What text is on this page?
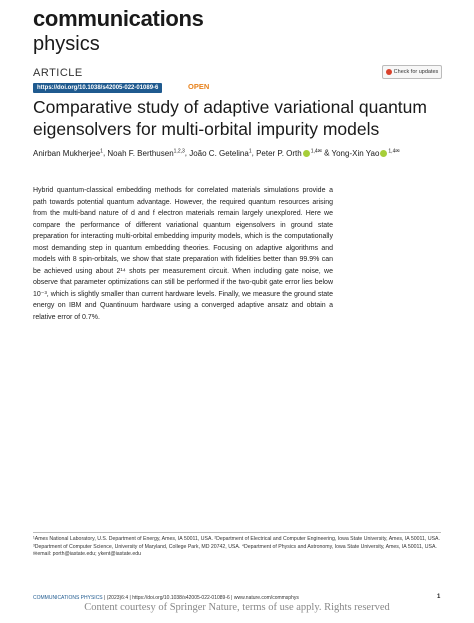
communications
physics
ARTICLE	Check for updates
https://doi.org/10.1038/s42005-022-01089-6	OPEN
Comparative study of adaptive variational quantum eigensolvers for multi-orbital impurity models
Anirban Mukherjee$^1$, Noah F. Berthusen$^{1,2,3}$, João C. Getelina$^1$, Peter P. Orth $^{1,4✉}$ & Yong-Xin Yao $^{1,4✉}$
Hybrid quantum-classical embedding methods for correlated materials simulations provide a path towards potential quantum advantage. However, the required quantum resources arising from the multi-band nature of d and f electron materials remain largely unexplored. Here we compare the performance of different variational quantum eigensolvers in ground state preparation for interacting multi-orbital embedding impurity models, which is the computationally most demanding step in quantum embedding theories. Focusing on adaptive algorithms and models with 8 spin-orbitals, we show that state preparation with fidelities better than 99.9% can be achieved using about 2¹⁴ shots per measurement circuit. When including gate noise, we observe that parameter optimizations can still be performed if the two-qubit gate error lies below 10⁻³, which is slightly smaller than current hardware levels. Finally, we measure the ground state energy on IBM and Quantinuum hardware using a converged adaptive ansatz and obtain a relative error of 0.7%.
¹Ames National Laboratory, U.S. Department of Energy, Ames, IA 50011, USA. ²Department of Electrical and Computer Engineering, Iowa State University, Ames, IA 50011, USA. ³Department of Computer Science, University of Maryland, College Park, MD 20742, USA. ⁴Department of Physics and Astronomy, Iowa State University, Ames, IA 50011, USA. ✉email: porth@iastate.edu; ykent@iastate.edu
COMMUNICATIONS PHYSICS | (2023)6:4 | https://doi.org/10.1038/s42005-022-01089-6 | www.nature.com/commsphys	1
Content courtesy of Springer Nature, terms of use apply. Rights reserved
